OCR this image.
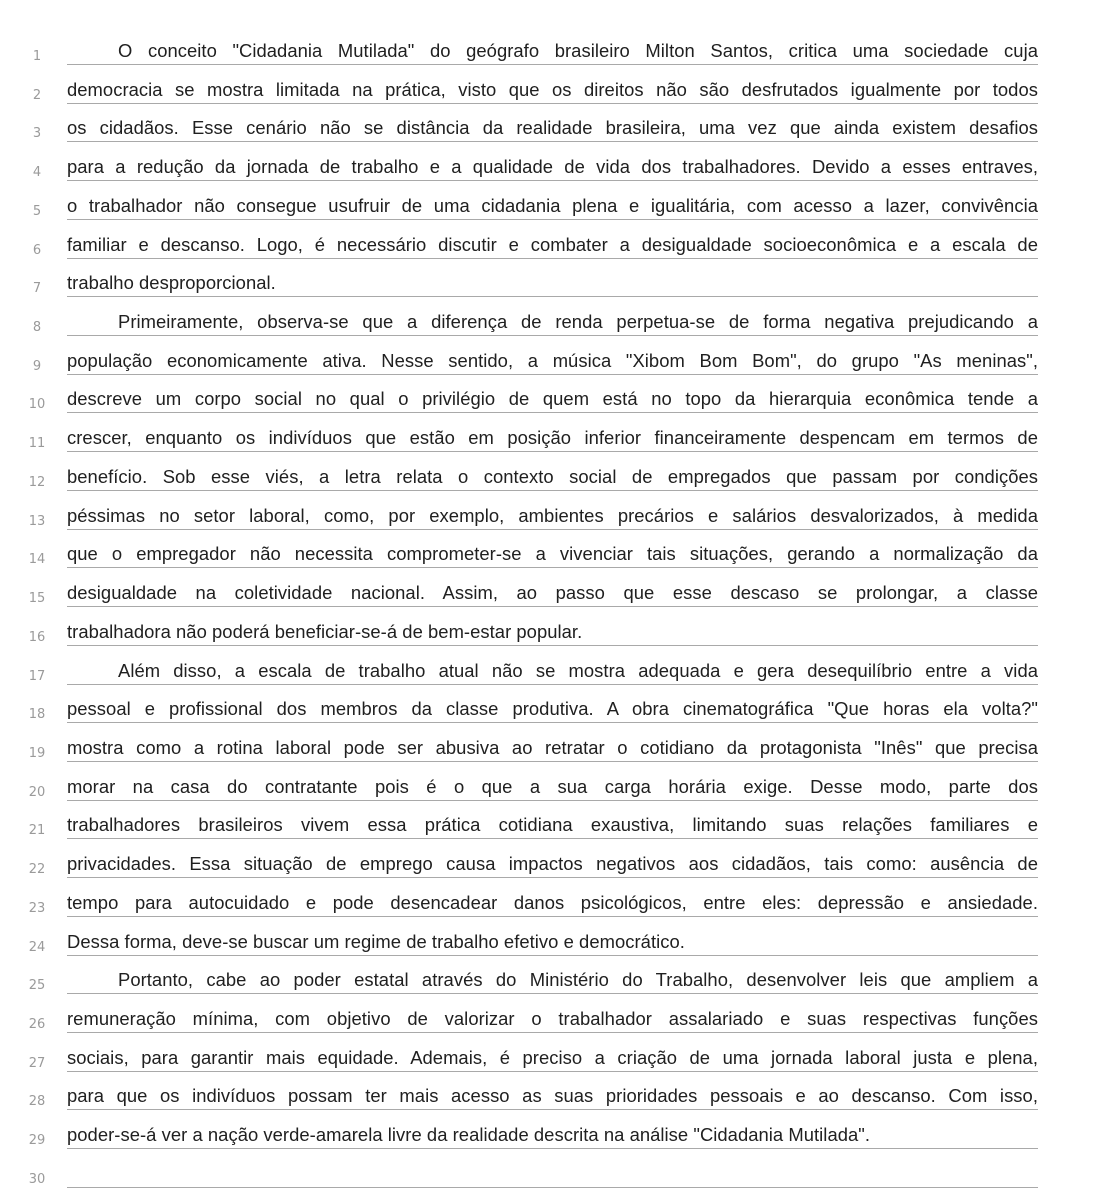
1	O conceito "Cidadania Mutilada" do geógrafo brasileiro Milton Santos, critica uma sociedade cuja
2	democracia se mostra limitada na prática, visto que os direitos não são desfrutados igualmente por todos
3	os cidadãos. Esse cenário não se distância da realidade brasileira, uma vez que ainda existem desafios
4	para a redução da jornada de trabalho e a qualidade de vida dos trabalhadores. Devido a esses entraves,
5	o trabalhador não consegue usufruir de uma cidadania plena e igualitária, com acesso a lazer, convivência
6	familiar e descanso. Logo, é necessário discutir e combater a desigualdade socioeconômica e a escala de
7	trabalho desproporcional.
8	Primeiramente, observa-se que a diferença de renda perpetua-se de forma negativa prejudicando a
9	população economicamente ativa. Nesse sentido, a música "Xibom Bom Bom", do grupo "As meninas",
10	descreve um corpo social no qual o privilégio de quem está no topo da hierarquia econômica tende a
11	crescer, enquanto os indivíduos que estão em posição inferior financeiramente despencam em termos de
12	benefício. Sob esse viés, a letra relata o contexto social de empregados que passam por condições
13	péssimas no setor laboral, como, por exemplo, ambientes precários e salários desvalorizados, à medida
14	que o empregador não necessita comprometer-se a vivenciar tais situações, gerando a normalização da
15	desigualdade na coletividade nacional. Assim, ao passo que esse descaso se prolongar, a classe
16	trabalhadora não poderá beneficiar-se-á de bem-estar popular.
17	Além disso, a escala de trabalho atual não se mostra adequada e gera desequilíbrio entre a vida
18	pessoal e profissional dos membros da classe produtiva. A obra cinematográfica "Que horas ela volta?"
19	mostra como a rotina laboral pode ser abusiva ao retratar o cotidiano da protagonista "Inês" que precisa
20	morar na casa do contratante pois é o que a sua carga horária exige. Desse modo, parte dos
21	trabalhadores brasileiros vivem essa prática cotidiana exaustiva, limitando suas relações familiares e
22	privacidades. Essa situação de emprego causa impactos negativos aos cidadãos, tais como: ausência de
23	tempo para autocuidado e pode desencadear danos psicológicos, entre eles: depressão e ansiedade.
24	Dessa forma, deve-se buscar um regime de trabalho efetivo e democrático.
25	Portanto, cabe ao poder estatal através do Ministério do Trabalho, desenvolver leis que ampliem a
26	remuneração mínima, com objetivo de valorizar o trabalhador assalariado e suas respectivas funções
27	sociais, para garantir mais equidade. Ademais, é preciso a criação de uma jornada laboral justa e plena,
28	para que os indivíduos possam ter mais acesso as suas prioridades pessoais e ao descanso. Com isso,
29	poder-se-á ver a nação verde-amarela livre da realidade descrita na análise "Cidadania Mutilada".
30
